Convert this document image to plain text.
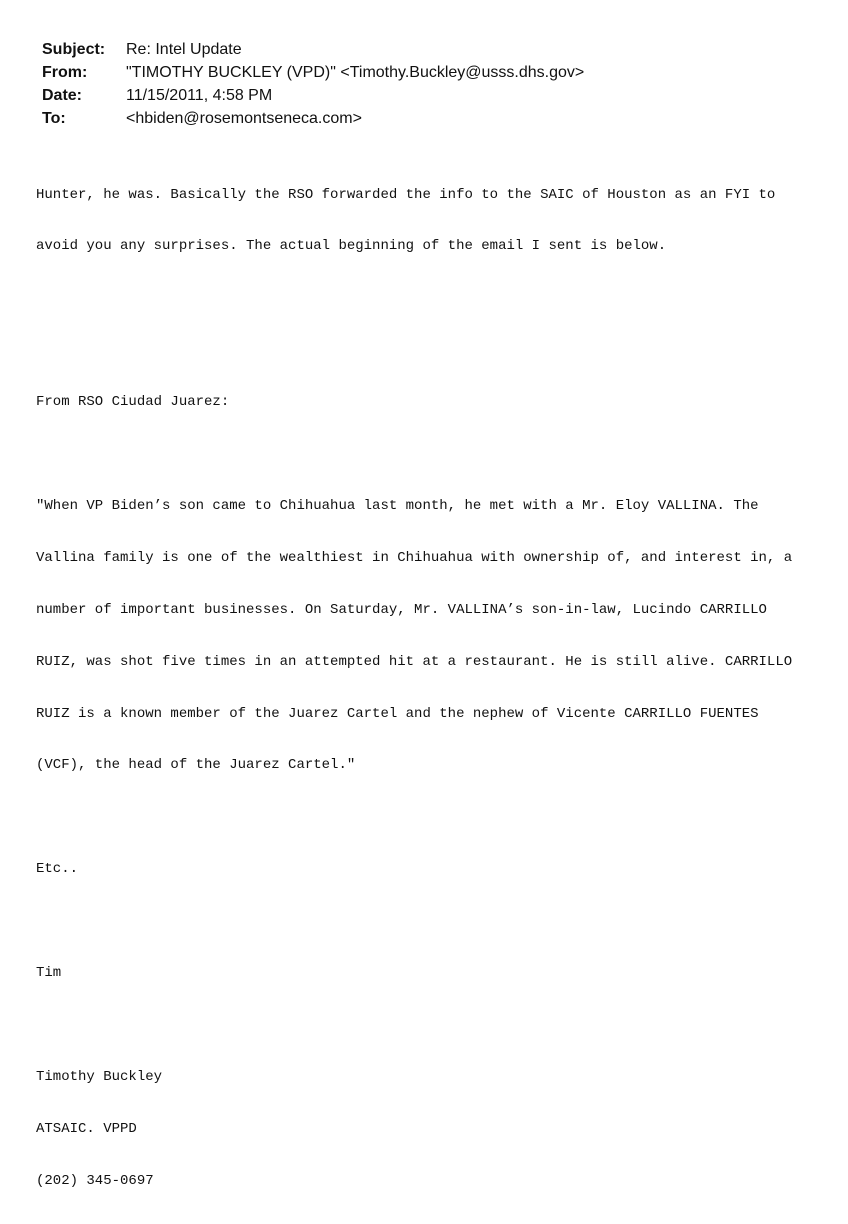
Subject:	Re: Intel Update
From:	"TIMOTHY BUCKLEY (VPD)" <Timothy.Buckley@usss.dhs.gov>
Date:	11/15/2011, 4:58 PM
To:	<hbiden@rosemontseneca.com>

Hunter, he was. Basically the RSO forwarded the info to the SAIC of Houston as an FYI to

avoid you any surprises. The actual beginning of the email I sent is below.

From RSO Ciudad Juarez:

"When VP Biden’s son came to Chihuahua last month, he met with a Mr. Eloy VALLINA. The

Vallina family is one of the wealthiest in Chihuahua with ownership of, and interest in, a

number of important businesses. On Saturday, Mr. VALLINA’s son-in-law, Lucindo CARRILLO

RUIZ, was shot five times in an attempted hit at a restaurant. He is still alive. CARRILLO

RUIZ is a known member of the Juarez Cartel and the nephew of Vicente CARRILLO FUENTES

(VCF), the head of the Juarez Cartel."

Etc..

Tim

Timothy Buckley

ATSAIC. VPPD

(202) 345-0697
